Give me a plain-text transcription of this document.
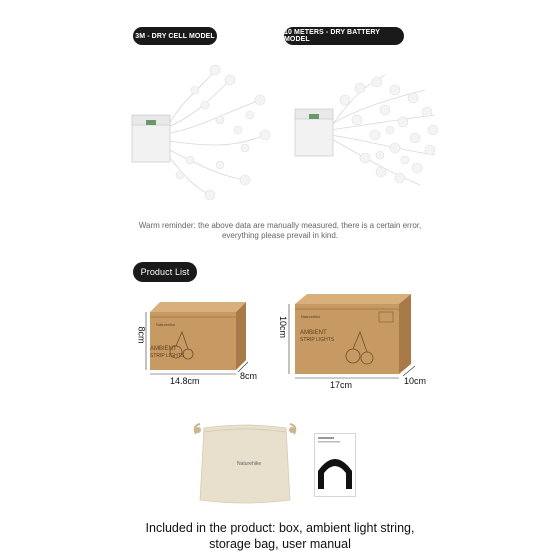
3M - DRY CELL MODEL	10 METERS - DRY BATTERY MODEL
Warm reminder: the above data are manually measured, there is a certain error,
everything please prevail in kind.
Product List
Naturehike
AMBIENT
STRIP LIGHTS
8cm
14.8cm	8cm
Naturehike
AMBIENT
STRIP LIGHTS
10cm
17cm	10cm
Naturehike
Included in the product: box, ambient light string,
storage bag, user manual
